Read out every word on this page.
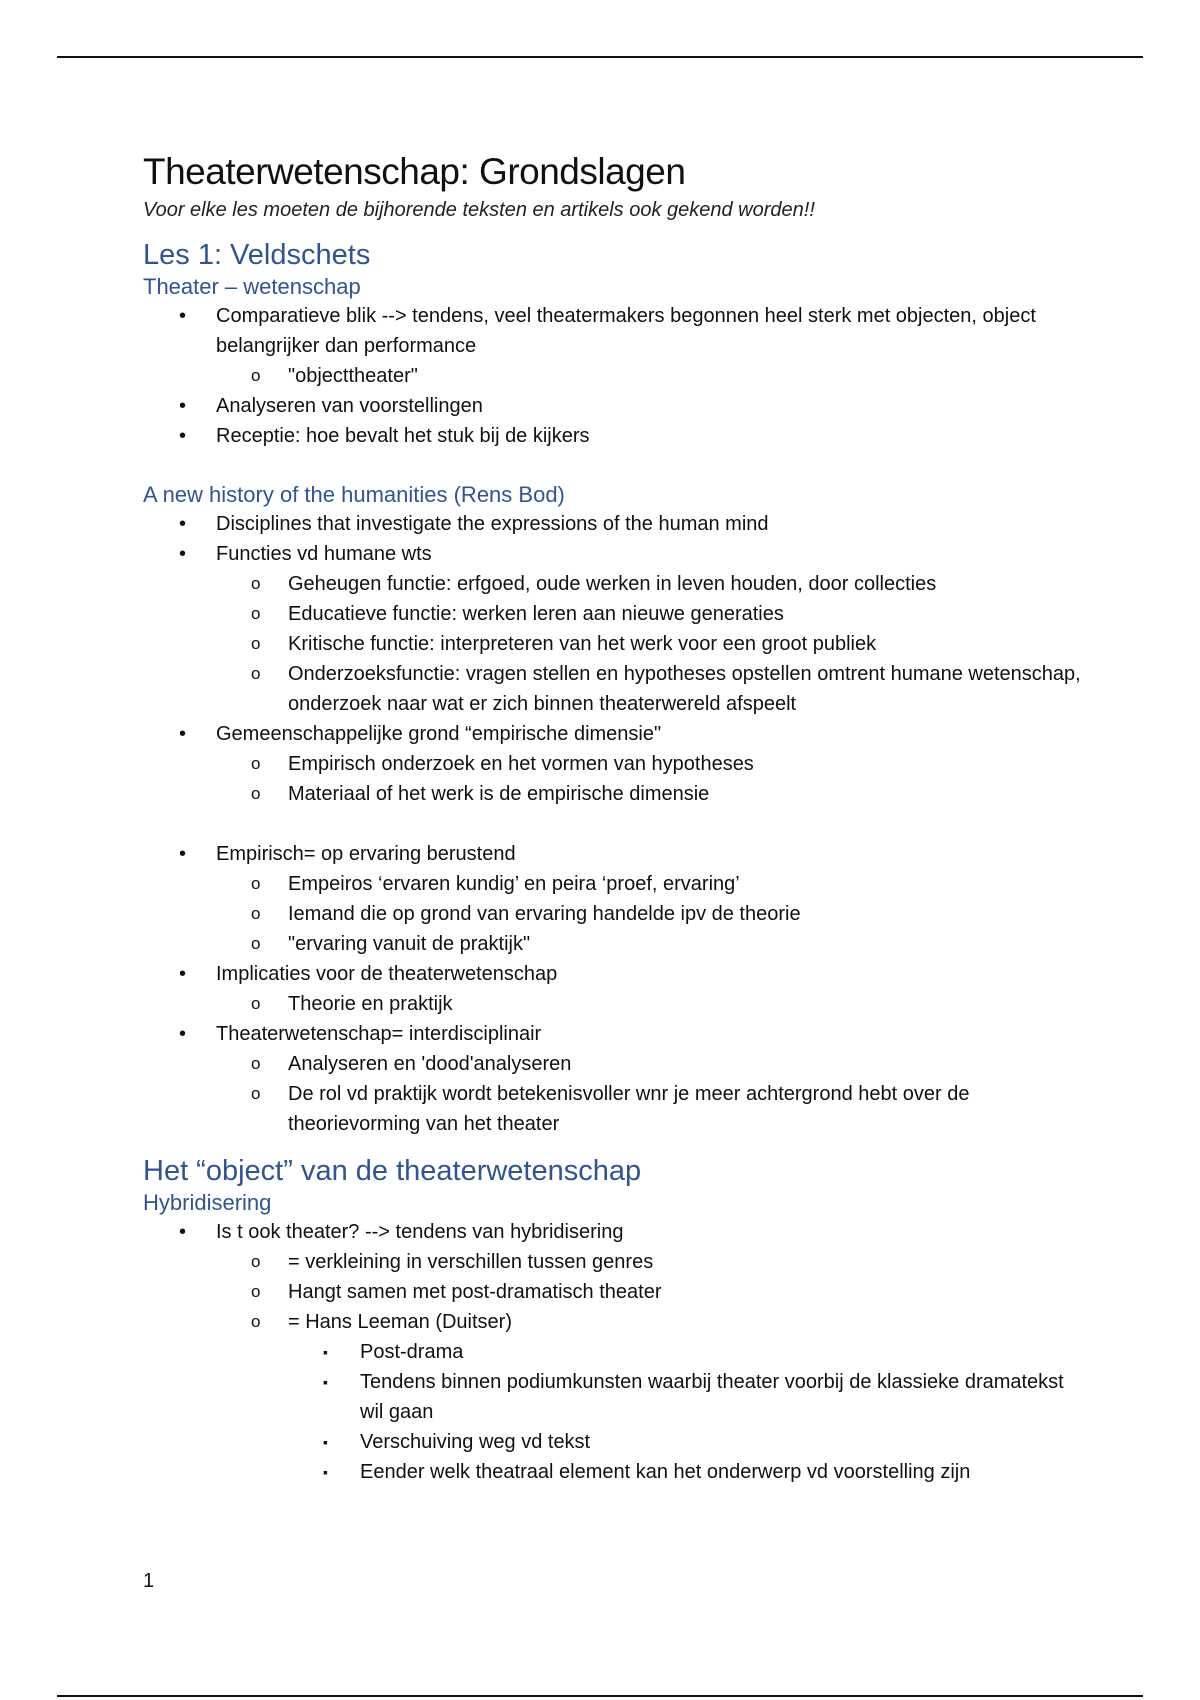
Theaterwetenschap: Grondslagen

Voor elke les moeten de bijhorende teksten en artikels ook gekend worden!!

Les 1: Veldschets
Theater – wetenschap
• Comparatieve blik --> tendens, veel theatermakers begonnen heel sterk met objecten, object belangrijker dan performance
o "objecttheater"
• Analyseren van voorstellingen
• Receptie: hoe bevalt het stuk bij de kijkers
A new history of the humanities (Rens Bod)
• Disciplines that investigate the expressions of the human mind
• Functies vd humane wts
o Geheugen functie: erfgoed, oude werken in leven houden, door collecties
o Educatieve functie: werken leren aan nieuwe generaties
o Kritische functie: interpreteren van het werk voor een groot publiek
o Onderzoeksfunctie: vragen stellen en hypotheses opstellen omtrent humane wetenschap, onderzoek naar wat er zich binnen theaterwereld afspeelt
• Gemeenschappelijke grond “empirische dimensie"
o Empirisch onderzoek en het vormen van hypotheses
o Materiaal of het werk is de empirische dimensie
• Empirisch= op ervaring berustend
o Empeiros ‘ervaren kundig’ en peira ‘proef, ervaring’
o Iemand die op grond van ervaring handelde ipv de theorie
o "ervaring vanuit de praktijk"
• Implicaties voor de theaterwetenschap
o Theorie en praktijk
• Theaterwetenschap= interdisciplinair
o Analyseren en 'dood'analyseren
o De rol vd praktijk wordt betekenisvoller wnr je meer achtergrond hebt over de theorievorming van het theater
Het “object” van de theaterwetenschap
Hybridisering
• Is t ook theater? --> tendens van hybridisering
o = verkleining in verschillen tussen genres
o Hangt samen met post-dramatisch theater
o = Hans Leeman (Duitser)
▪ Post-drama
▪ Tendens binnen podiumkunsten waarbij theater voorbij de klassieke dramatekst wil gaan
▪ Verschuiving weg vd tekst
▪ Eender welk theatraal element kan het onderwerp vd voorstelling zijn
1
